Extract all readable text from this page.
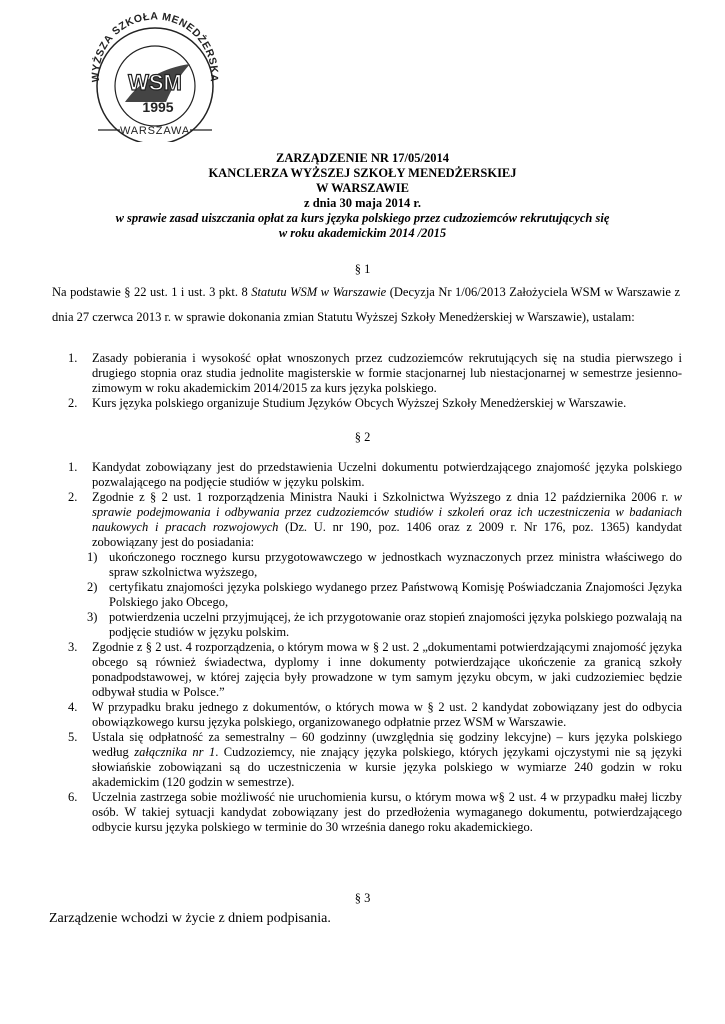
WYŻSZA SZKOŁA MENEDŻERSKA
WSM
1995
WARSZAWA
ZARZĄDZENIE NR 17/05/2014
KANCLERZA WYŻSZEJ SZKOŁY MENEDŻERSKIEJ
W WARSZAWIE
z dnia 30 maja 2014 r.
w sprawie zasad uiszczania opłat za kurs języka polskiego przez cudzoziemców rekrutujących się
w roku akademickim 2014 /2015
§ 1
Na podstawie § 22 ust. 1 i ust. 3 pkt. 8 Statutu WSM w Warszawie (Decyzja Nr 1/06/2013 Założyciela WSM w Warszawie z dnia 27 czerwca 2013 r. w sprawie dokonania zmian Statutu Wyższej Szkoły Menedżerskiej w Warszawie), ustalam:
1. Zasady pobierania i wysokość opłat wnoszonych przez cudzoziemców rekrutujących się na studia pierwszego i drugiego stopnia oraz studia jednolite magisterskie w formie stacjonarnej lub niestacjonarnej w semestrze jesienno-zimowym w roku akademickim 2014/2015 za kurs języka polskiego.
2. Kurs języka polskiego organizuje Studium Języków Obcych Wyższej Szkoły Menedżerskiej w Warszawie.
§ 2
1. Kandydat zobowiązany jest do przedstawienia Uczelni dokumentu potwierdzającego znajomość języka polskiego pozwalającego na podjęcie studiów w języku polskim.
2. Zgodnie z § 2 ust. 1 rozporządzenia Ministra Nauki i Szkolnictwa Wyższego z dnia 12 października 2006 r. w sprawie podejmowania i odbywania przez cudzoziemców studiów i szkoleń oraz ich uczestniczenia w badaniach naukowych i pracach rozwojowych (Dz. U. nr 190, poz. 1406 oraz z 2009 r. Nr 176, poz. 1365) kandydat zobowiązany jest do posiadania:
1) ukończonego rocznego kursu przygotowawczego w jednostkach wyznaczonych przez ministra właściwego do spraw szkolnictwa wyższego,
2) certyfikatu znajomości języka polskiego wydanego przez Państwową Komisję Poświadczania Znajomości Języka Polskiego jako Obcego,
3) potwierdzenia uczelni przyjmującej, że ich przygotowanie oraz stopień znajomości języka polskiego pozwalają na podjęcie studiów w języku polskim.
3. Zgodnie z § 2 ust. 4 rozporządzenia, o którym mowa w § 2 ust. 2 „dokumentami potwierdzającymi znajomość języka obcego są również świadectwa, dyplomy i inne dokumenty potwierdzające ukończenie za granicą szkoły ponadpodstawowej, w której zajęcia były prowadzone w tym samym języku obcym, w jaki cudzoziemiec będzie odbywał studia w Polsce.”
4. W przypadku braku jednego z dokumentów, o których mowa w § 2 ust. 2 kandydat zobowiązany jest do odbycia obowiązkowego kursu języka polskiego, organizowanego odpłatnie przez WSM w Warszawie.
5. Ustala się odpłatność za semestralny – 60 godzinny (uwzględnia się godziny lekcyjne) – kurs języka polskiego według załącznika nr 1. Cudzoziemcy, nie znający języka polskiego, których językami ojczystymi nie są języki słowiańskie zobowiązani są do uczestniczenia w kursie języka polskiego w wymiarze 240 godzin w roku akademickim (120 godzin w semestrze).
6. Uczelnia zastrzega sobie możliwość nie uruchomienia kursu, o którym mowa w§ 2 ust. 4 w przypadku małej liczby osób. W takiej sytuacji kandydat zobowiązany jest do przedłożenia wymaganego dokumentu, potwierdzającego odbycie kursu języka polskiego w terminie do 30 września danego roku akademickiego.
§ 3
Zarządzenie wchodzi w życie z dniem podpisania.
